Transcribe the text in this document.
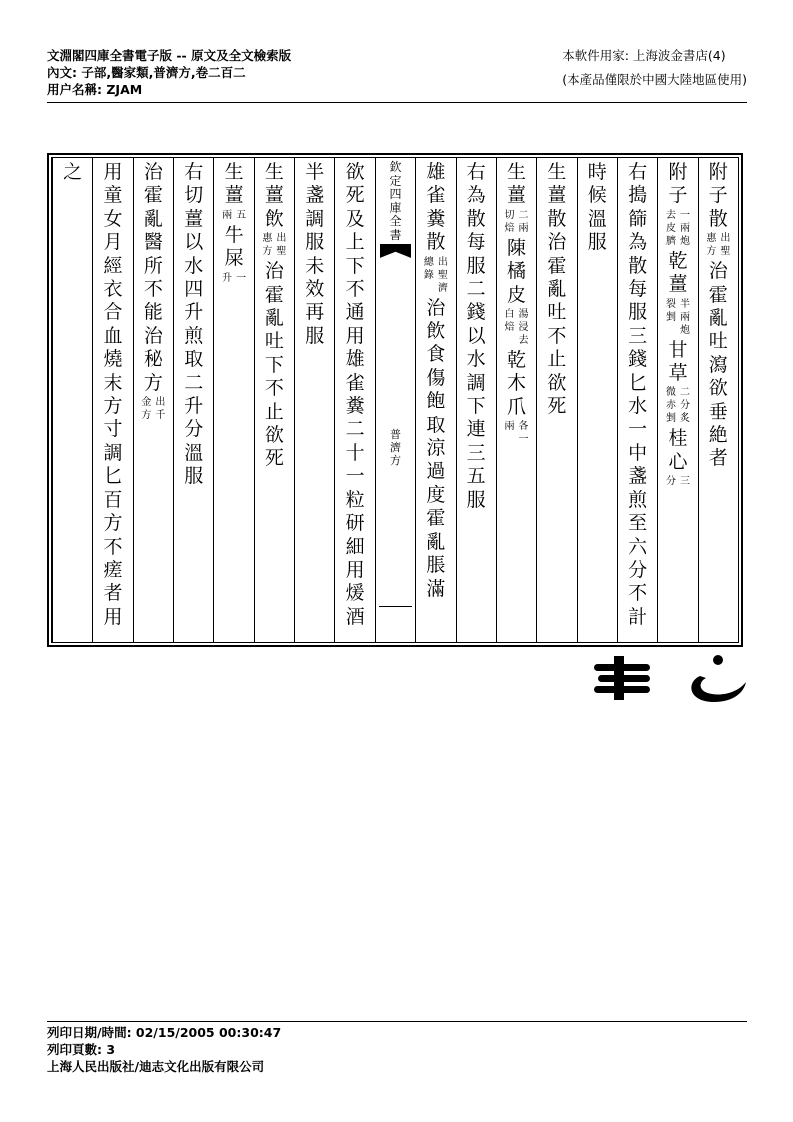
文淵閣四庫全書電子版 -- 原文及全文檢索版
內文: 子部,醫家類,普濟方,卷二百二
用户名稱: ZJAM
本軟件用家: 上海波金書店(4)
(本產品僅限於中國大陸地區使用)
附子散
出聖
惠方
治霍亂吐瀉欲垂絶者
附子
一兩炮
去皮臍
乾薑
半兩炮
裂剉
甘草
二分炙
微赤剉
桂心
三
分
右搗篩為散每服三錢匕水一中盞煎至六分不計
時候溫服
生薑散治霍亂吐不止欲死
生薑
二兩
切焙
陳橘皮
湯浸去
白焙
乾木爪
各一
兩
右為散每服二錢以水調下連三五服
雄雀糞散
出聖濟
總錄
治飲食傷飽取涼過度霍亂脹滿
欽定四庫全書
普濟方
欲死及上下不通用雄雀糞二十一粒研細用煖酒
半盞調服未效再服
生薑飲
出聖
惠方
治霍亂吐下不止欲死
生薑
五
兩
牛屎
一
升
右切薑以水四升煎取二升分溫服
治霍亂醫所不能治秘方
出千
金方
用童女月經衣合血燒末方寸調匕百方不瘥者用
之
列印日期/時間: 02/15/2005 00:30:47
列印頁數: 3
上海人民出版社/迪志文化出版有限公司
